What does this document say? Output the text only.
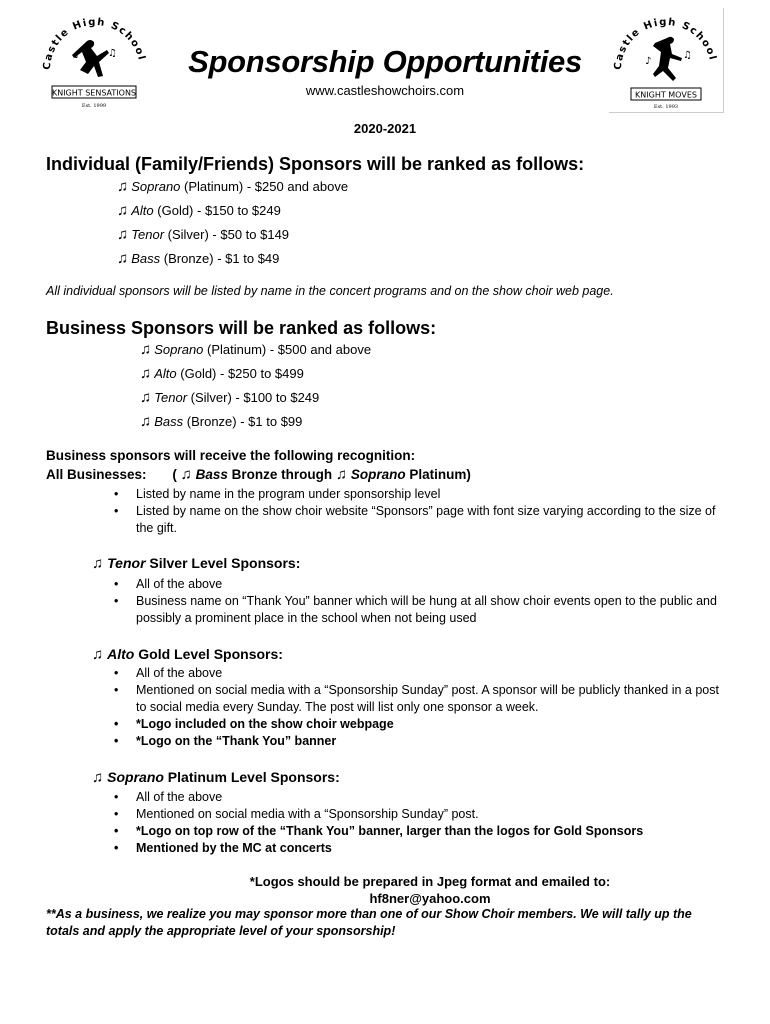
Castle High School
♪	♫
KNIGHT SENSATIONS
Est. 1999
Castle High School
♪
♫
KNIGHT MOVES
Est. 1993
Sponsorship Opportunities
www.castleshowchoirs.com
2020-2021
Individual (Family/Friends) Sponsors will be ranked as follows:
♫ Soprano (Platinum) - $250 and above
♫ Alto (Gold) - $150 to $249
♫ Tenor (Silver) - $50 to $149
♫ Bass (Bronze) - $1 to $49
All individual sponsors will be listed by name in the concert programs and on the show choir web page.
Business Sponsors will be ranked as follows:
♫ Soprano (Platinum) - $500 and above
♫ Alto (Gold) - $250 to $499
♫ Tenor (Silver) - $100 to $249
♫ Bass (Bronze) - $1 to $99
Business sponsors will receive the following recognition:
All Businesses: ( ♫ Bass Bronze through ♫ Soprano Platinum)
• Listed by name in the program under sponsorship level
• Listed by name on the show choir website “Sponsors” page with font size varying according to the size of the gift.
♫ Tenor Silver Level Sponsors:
• All of the above
• Business name on “Thank You” banner which will be hung at all show choir events open to the public and possibly a prominent place in the school when not being used
♫ Alto Gold Level Sponsors:
• All of the above
• Mentioned on social media with a “Sponsorship Sunday” post. A sponsor will be publicly thanked in a post to social media every Sunday. The post will list only one sponsor a week.
• *Logo included on the show choir webpage
• *Logo on the “Thank You” banner
♫ Soprano Platinum Level Sponsors:
• All of the above
• Mentioned on social media with a “Sponsorship Sunday” post.
• *Logo on top row of the “Thank You” banner, larger than the logos for Gold Sponsors
• Mentioned by the MC at concerts
*Logos should be prepared in Jpeg format and emailed to:
hf8ner@yahoo.com
**As a business, we realize you may sponsor more than one of our Show Choir members. We will tally up the totals and apply the appropriate level of your sponsorship!
